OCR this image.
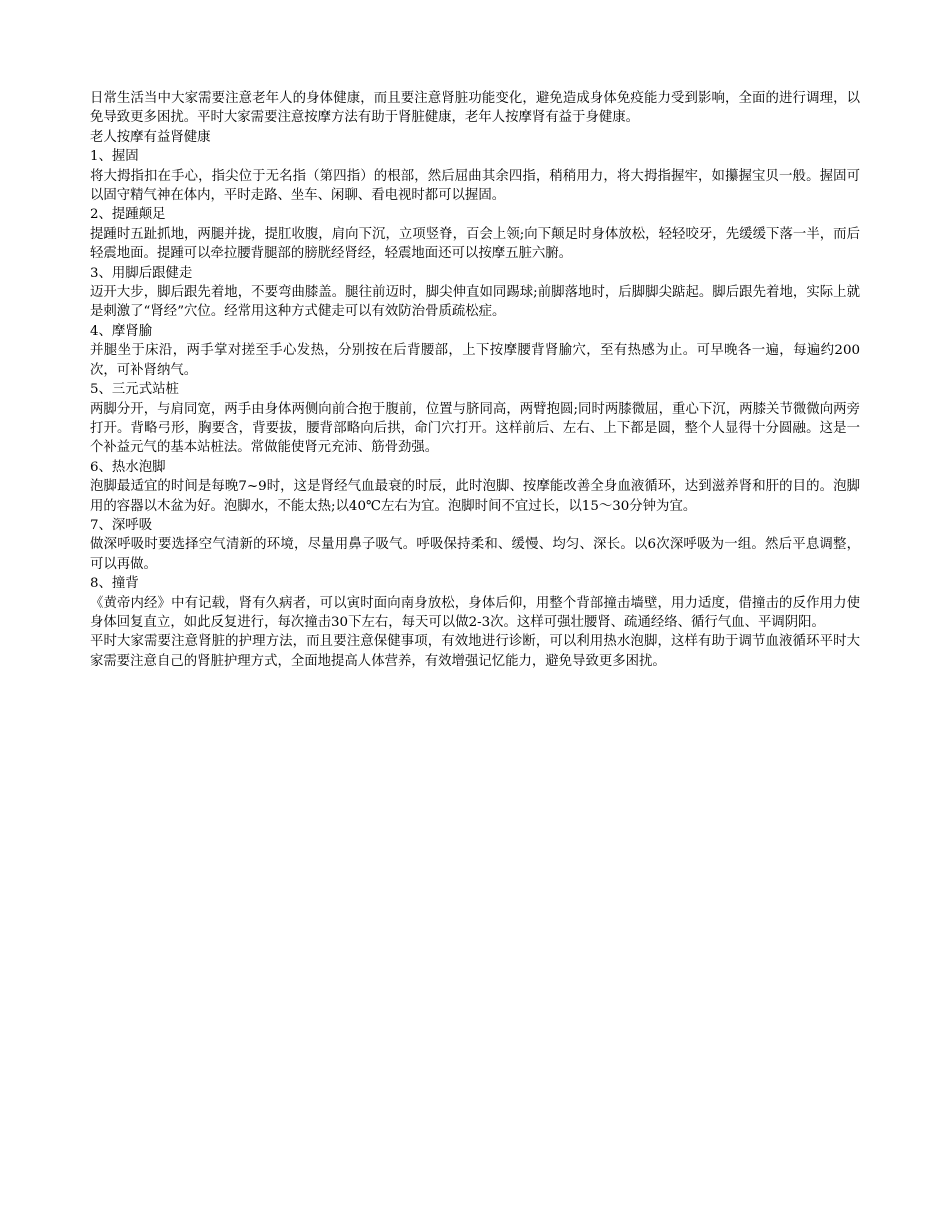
日常生活当中大家需要注意老年人的身体健康，而且要注意肾脏功能变化，避免造成身体免疫能力受到影响，全面的进行调理，以免导致更多困扰。平时大家需要注意按摩方法有助于肾脏健康，老年人按摩肾有益于身健康。

老人按摩有益肾健康

1、握固

将大拇指扣在手心，指尖位于无名指（第四指）的根部，然后屈曲其余四指，稍稍用力，将大拇指握牢，如攥握宝贝一般。握固可以固守精气神在体内，平时走路、坐车、闲聊、看电视时都可以握固。

2、提踵颠足

提踵时五趾抓地，两腿并拢，提肛收腹，肩向下沉，立项竖脊，百会上领;向下颠足时身体放松，轻轻咬牙，先缓缓下落一半，而后轻震地面。提踵可以牵拉腰背腿部的膀胱经肾经，轻震地面还可以按摩五脏六腑。

3、用脚后跟健走

迈开大步，脚后跟先着地，不要弯曲膝盖。腿往前迈时，脚尖伸直如同踢球;前脚落地时，后脚脚尖踮起。脚后跟先着地，实际上就是刺激了“肾经”穴位。经常用这种方式健走可以有效防治骨质疏松症。

4、摩肾腧

并腿坐于床沿，两手掌对搓至手心发热，分别按在后背腰部，上下按摩腰背肾腧穴，至有热感为止。可早晚各一遍，每遍约200次，可补肾纳气。

5、三元式站桩

两脚分开，与肩同宽，两手由身体两侧向前合抱于腹前，位置与脐同高，两臂抱圆;同时两膝微屈，重心下沉，两膝关节微微向两旁打开。背略弓形，胸要含，背要拔，腰背部略向后拱，命门穴打开。这样前后、左右、上下都是圆，整个人显得十分圆融。这是一个补益元气的基本站桩法。常做能使肾元充沛、筋骨劲强。

6、热水泡脚

泡脚最适宜的时间是每晚7~9时，这是肾经气血最衰的时辰，此时泡脚、按摩能改善全身血液循环，达到滋养肾和肝的目的。泡脚用的容器以木盆为好。泡脚水，不能太热;以40℃左右为宜。泡脚时间不宜过长，以15～30分钟为宜。

7、深呼吸

做深呼吸时要选择空气清新的环境，尽量用鼻子吸气。呼吸保持柔和、缓慢、均匀、深长。以6次深呼吸为一组。然后平息调整，可以再做。

8、撞背

《黄帝内经》中有记载，肾有久病者，可以寅时面向南身放松，身体后仰，用整个背部撞击墙壁，用力适度，借撞击的反作用力使身体回复直立，如此反复进行，每次撞击30下左右，每天可以做2-3次。这样可强壮腰肾、疏通经络、循行气血、平调阴阳。

平时大家需要注意肾脏的护理方法，而且要注意保健事项，有效地进行诊断，可以利用热水泡脚，这样有助于调节血液循环平时大家需要注意自己的肾脏护理方式，全面地提高人体营养，有效增强记忆能力，避免导致更多困扰。
